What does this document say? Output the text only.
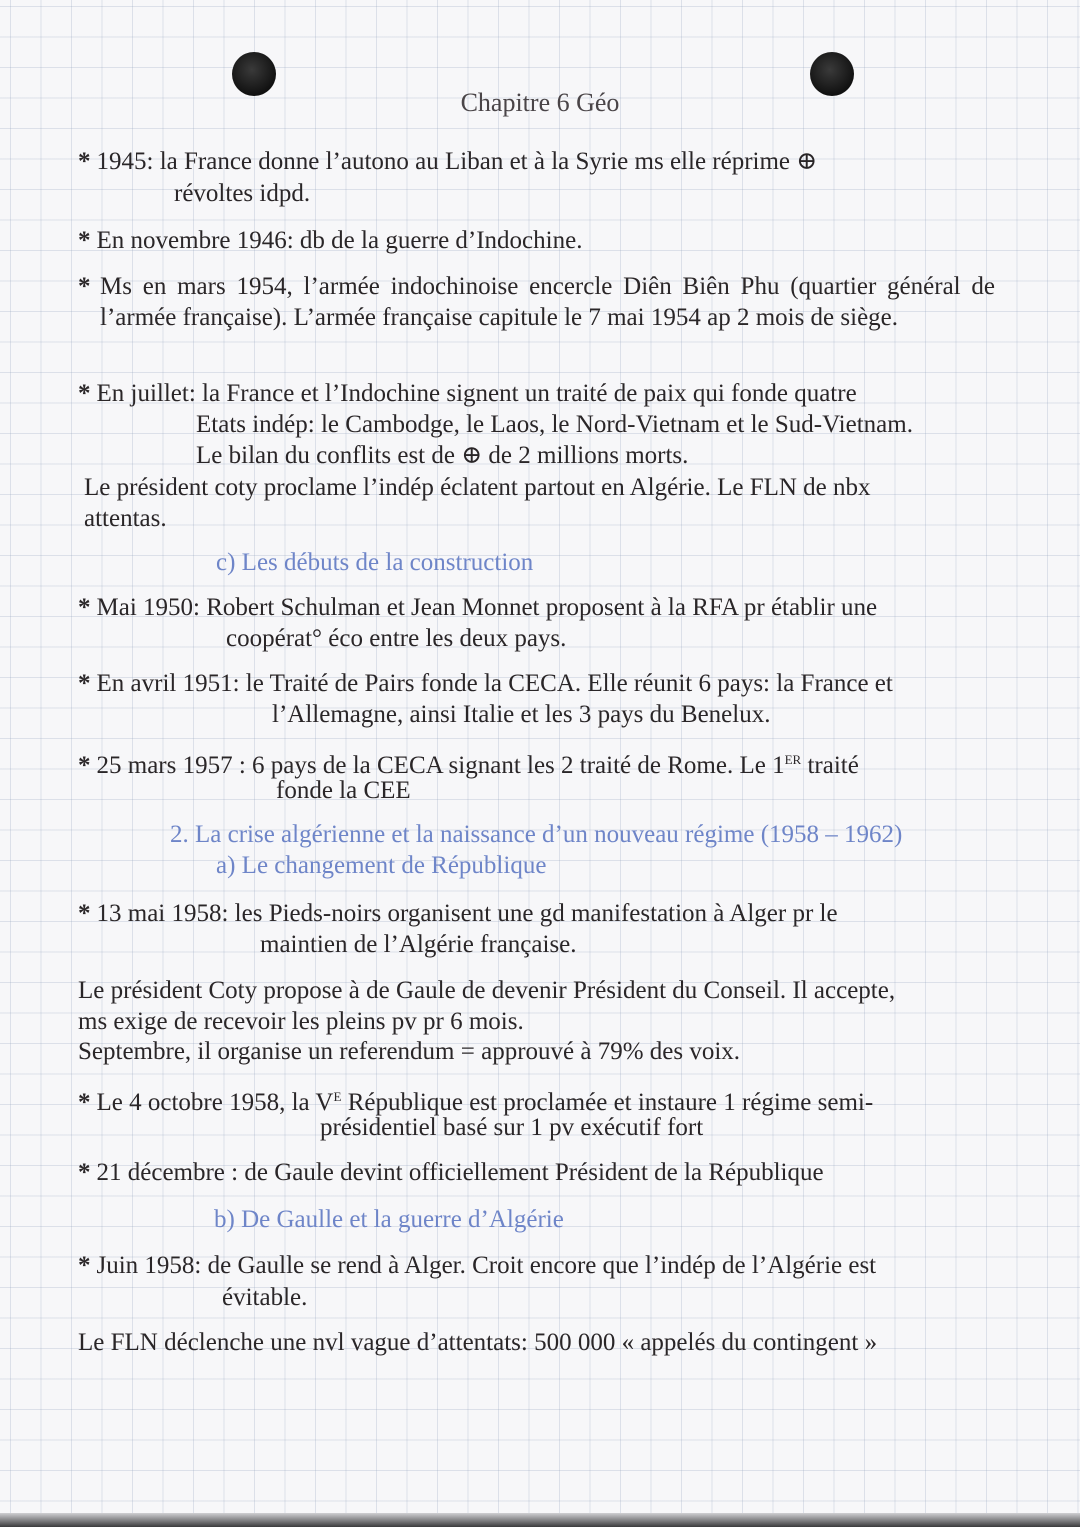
Chapitre 6 Géo
* 1945: la France donne l’autono au Liban et à la Syrie ms elle réprime ⊕
révoltes idpd.
* En novembre 1946: db de la guerre d’Indochine.
* Ms en mars 1954, l’armée indochinoise encercle Diên Biên Phu (quartier général de l’armée française). L’armée française capitule le 7 mai 1954 ap 2 mois de siège.
* En juillet: la France et l’Indochine signent un traité de paix qui fonde quatre
Etats indép: le Cambodge, le Laos, le Nord-Vietnam et le Sud-Vietnam.
Le bilan du conflits est de ⊕ de 2 millions morts.
Le président coty proclame l’indép éclatent partout en Algérie. Le FLN de nbx
attentas.
c) Les débuts de la construction
* Mai 1950: Robert Schulman et Jean Monnet proposent à la RFA pr établir une
coopérat° éco entre les deux pays.
* En avril 1951: le Traité de Pairs fonde la CECA. Elle réunit 6 pays: la France et
l’Allemagne, ainsi Italie et les 3 pays du Benelux.
* 25 mars 1957 : 6 pays de la CECA signant les 2 traité de Rome. Le 1ER traité
fonde la CEE
2. La crise algérienne et la naissance d’un nouveau régime (1958 – 1962)
a) Le changement de République
* 13 mai 1958: les Pieds-noirs organisent une gd manifestation à Alger pr le
maintien de l’Algérie française.
Le président Coty propose à de Gaule de devenir Président du Conseil. Il accepte,
ms exige de recevoir les pleins pv pr 6 mois.
Septembre, il organise un referendum = approuvé à 79% des voix.
* Le 4 octobre 1958, la $V^E$ République est proclamée et instaure 1 régime semi-
présidentiel basé sur 1 pv exécutif fort
* 21 décembre : de Gaule devint officiellement Président de la République
b) De Gaulle et la guerre d’Algérie
* Juin 1958: de Gaulle se rend à Alger. Croit encore que l’indép de l’Algérie est
évitable.
Le FLN déclenche une nvl vague d’attentats: 500 000 « appelés du contingent »
